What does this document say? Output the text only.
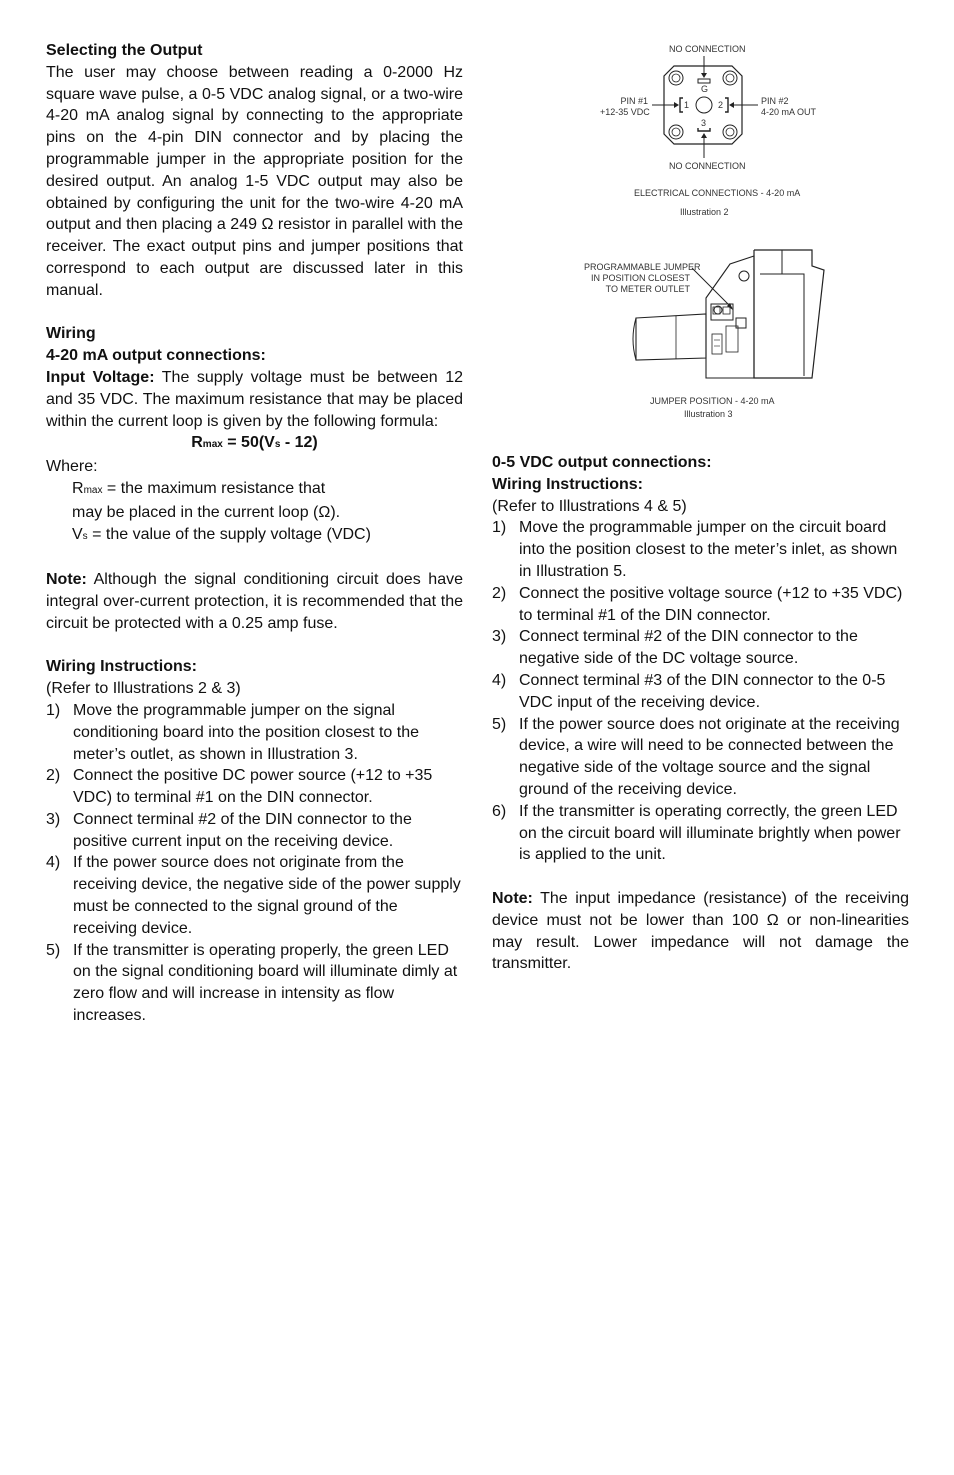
Selecting the Output

The user may choose between reading a 0-2000 Hz square wave pulse, a 0-5 VDC analog signal, or a two-wire 4-20 mA analog signal by connecting to the appropriate pins on the 4-pin DIN connector and by placing the programmable jumper in the appropriate position for the desired output. An analog 1-5 VDC output may also be obtained by configuring the unit for the two-wire 4-20 mA output and then placing a 249 Ω resistor in parallel with the receiver. The exact output pins and jumper positions that correspond to each output are discussed later in this manual.

Wiring

4-20 mA output connections:

Input Voltage: The supply voltage must be between 12 and 35 VDC. The maximum resistance that may be placed within the current loop is given by the following formula:

Rmax = 50(Vs - 12)

Where:

Rmax = the maximum resistance that

may be placed in the current loop (Ω).

Vs = the value of the supply voltage (VDC)

Note: Although the signal conditioning circuit does have integral over-current protection, it is recommended that the circuit be protected with a 0.25 amp fuse.

Wiring Instructions:

(Refer to Illustrations 2 & 3)

1) Move the programmable jumper on the signal conditioning board into the position closest to the meter’s outlet, as shown in Illustration 3.
2) Connect the positive DC power source (+12 to +35 VDC) to terminal #1 on the DIN connector.
3) Connect terminal #2 of the DIN connector to the positive current input on the receiving device.
4) If the power source does not originate from the receiving device, the negative side of the power supply must be connected to the signal ground of the receiving device.
5) If the transmitter is operating properly, the green LED on the signal conditioning board will illuminate dimly at zero flow and will increase in intensity as flow increases.
NO CONNECTION
G
1	2
3
PIN #1
+12-35 VDC
PIN #2
4-20 mA OUT
NO CONNECTION
ELECTRICAL CONNECTIONS - 4-20 mA
Illustration 2
PROGRAMMABLE JUMPER
IN POSITION CLOSEST
TO METER OUTLET
JUMPER POSITION - 4-20 mA
Illustration 3

0-5 VDC output connections:

Wiring Instructions:

(Refer to Illustrations 4 & 5)

1) Move the programmable jumper on the circuit board into the position closest to the meter’s inlet, as shown in Illustration 5.
2) Connect the positive voltage source (+12 to +35 VDC) to terminal #1 of the DIN connector.
3) Connect terminal #2 of the DIN connector to the negative side of the DC voltage source.
4) Connect terminal #3 of the DIN connector to the 0-5 VDC input of the receiving device.
5) If the power source does not originate at the receiving device, a wire will need to be connected between the negative side of the voltage source and the signal ground of the receiving device.
6) If the transmitter is operating correctly, the green LED on the circuit board will illuminate brightly when power is applied to the unit.

Note: The input impedance (resistance) of the receiving device must not be lower than 100 Ω or non-linearities may result. Lower impedance will not damage the transmitter.
